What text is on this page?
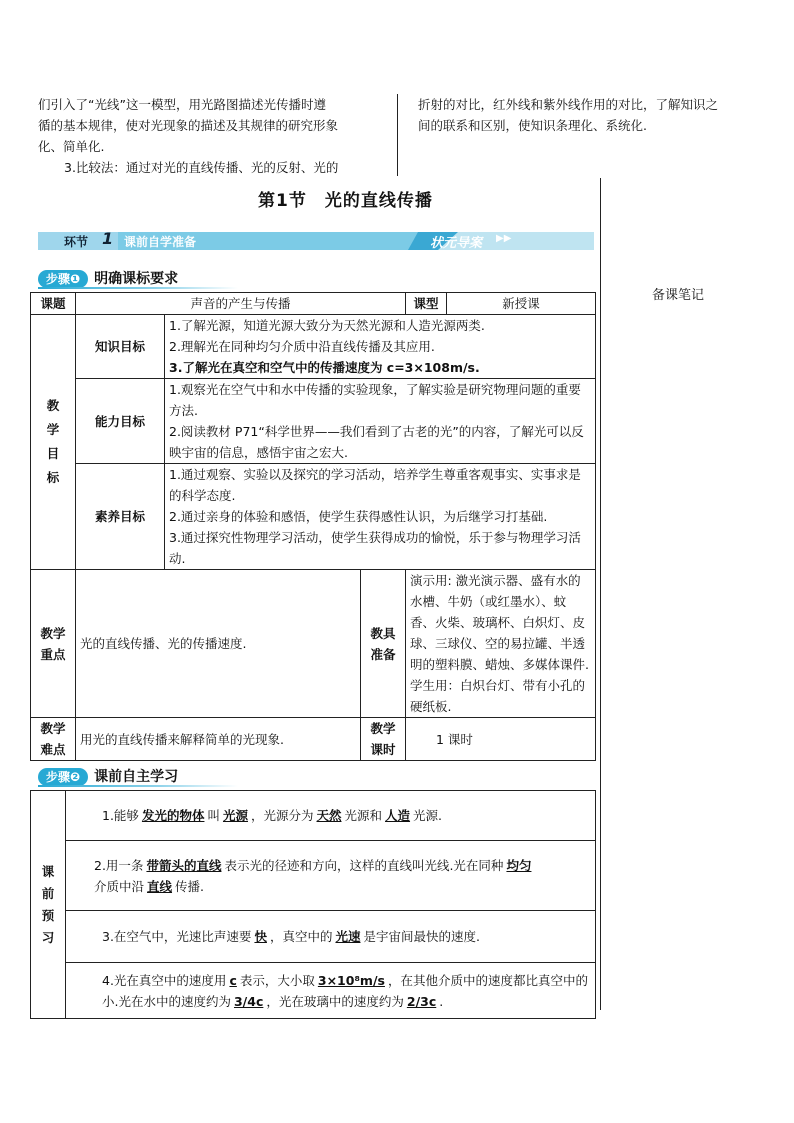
们引入了“光线”这一模型，用光路图描述光传播时遵
循的基本规律，使对光现象的描述及其规律的研究形象
化、简单化.
3.比较法：通过对光的直线传播、光的反射、光的
折射的对比，红外线和紫外线作用的对比，了解知识之
间的联系和区别，使知识条理化、系统化.
第1节　光的直线传播
环节 1 课前自学准备	状元导案 ▶▶
备课笔记
步骤❶ 明确课标要求
课题	声音的产生与传播			课型	新授课

教学目标	知识目标	1.了解光源，知道光源大致分为天然光源和人造光源两类.
2.理解光在同种均匀介质中沿直线传播及其应用.
3.了解光在真空和空气中的传播速度为 c=3×108m/s.			

	能力目标	1.观察光在空气中和水中传播的实验现象，了解实验是研究物理问题的重要方法.
2.阅读教材 P71“科学世界——我们看到了古老的光”的内容，了解光可以反映宇宙的信息，感悟宇宙之宏大.			

	素养目标	1.通过观察、实验以及探究的学习活动，培养学生尊重客观事实、实事求是的科学态度.
2.通过亲身的体验和感悟，使学生获得感性认识，为后继学习打基础.
3.通过探究性物理学习活动，使学生获得成功的愉悦，乐于参与物理学习活动.			

教学重点	光的直线传播、光的传播速度.		教具准备	演示用: 激光演示器、盛有水的水槽、牛奶（或红墨水）、蚊香、火柴、玻璃杯、白炽灯、皮球、三球仪、空的易拉罐、半透明的塑料膜、蜡烛、多媒体课件.
学生用：白炽台灯、带有小孔的硬纸板.	

教学难点	用光的直线传播来解释简单的光现象.		教学课时	1 课时	
步骤❷ 课前自主学习
课前预习
	1.能够 发光的物体 叫 光源 ，光源分为 天然 光源和 人造 光源.

2.用一条 带箭头的直线 表示光的径迹和方向，这样的直线叫光线.光在同种 均匀
介质中沿 直线 传播.

3.在空气中，光速比声速要 快 ，真空中的 光速 是宇宙间最快的速度.

4.光在真空中的速度用 c 表示，大小取 3×10⁸m/s ，在其他介质中的速度都比真空中的小.光在水中的速度约为 3/4c ，光在玻璃中的速度约为 2/3c .
